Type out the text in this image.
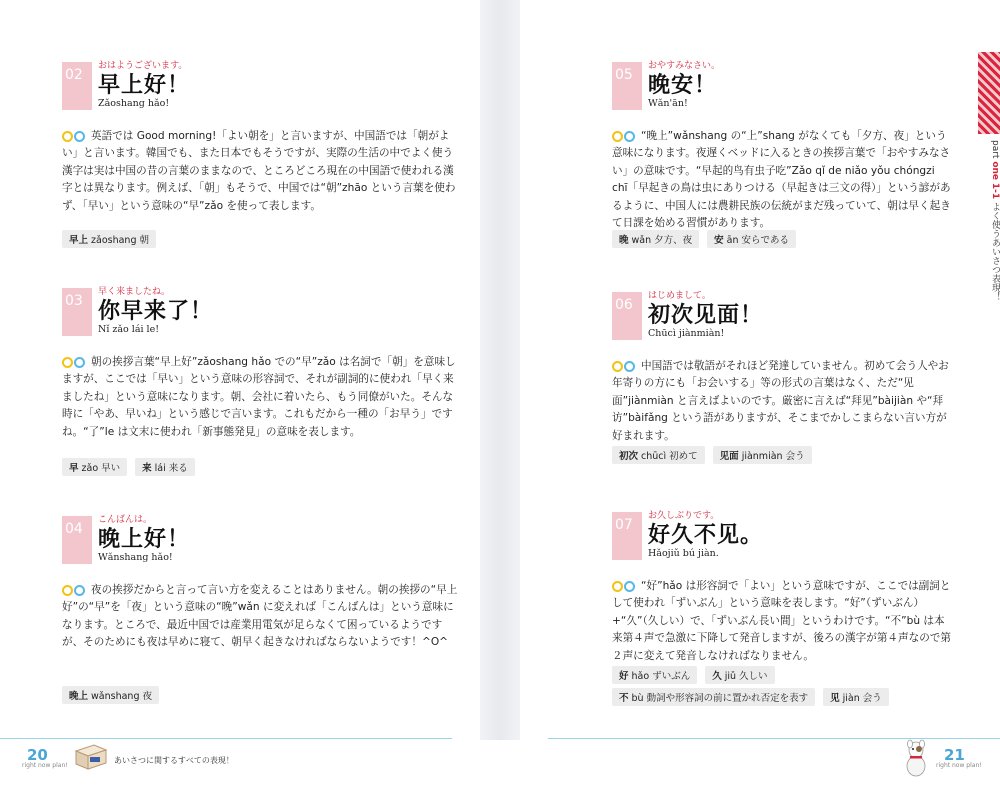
02
おはようございます。
早上好！
Zǎoshang hǎo!
英語では Good morning!「よい朝を」と言いますが、中国語では「朝がよい」と言います。韓国でも、また日本でもそうですが、実際の生活の中でよく使う漢字は実は中国の昔の言葉のままなので、ところどころ現在の中国語で使われる漢字とは異なります。例えば、「朝」もそうで、中国では“朝”zhāo という言葉を使わず、「早い」という意味の“早”zǎo を使って表します。
早上 zǎoshang 朝
03
早く来ましたね。
你早来了！
Nǐ zǎo lái le!
朝の挨拶言葉“早上好”zǎoshang hǎo での“早”zǎo は名詞で「朝」を意味しますが、ここでは「早い」という意味の形容詞で、それが副詞的に使われ「早く来ましたね」という意味になります。朝、会社に着いたら、もう同僚がいた。そんな時に「やあ、早いね」という感じで言います。これもだから一種の「お早う」ですね。“了”le は文末に使われ「新事態発見」の意味を表します。
早 zǎo 早い	来 lái 来る
04
こんばんは。
晚上好！
Wǎnshang hǎo!
夜の挨拶だからと言って言い方を変えることはありません。朝の挨拶の“早上好”の“早”を「夜」という意味の“晚”wǎn に変えれば「こんばんは」という意味になります。ところで、最近中国では産業用電気が足らなくて困っているようですが、そのためにも夜は早めに寝て、朝早く起きなければならないようです！^O^
晚上 wǎnshang 夜
05
おやすみなさい。
晚安！
Wǎn'ān!
“晚上”wǎnshang の“上”shang がなくても「夕方、夜」という意味になります。夜遅くベッドに入るときの挨拶言葉で「おやすみなさい」の意味です。“早起的鸟有虫子吃”Zǎo qǐ de niǎo yǒu chóngzi chī「早起きの鳥は虫にありつける（早起きは三文の得）」という諺があるように、中国人には農耕民族の伝統がまだ残っていて、朝は早く起きて日課を始める習慣があります。
晚 wǎn 夕方、夜	安 ān 安らである
06
はじめまして。
初次见面！
Chūcì jiànmiàn!
中国語では敬語がそれほど発達していません。初めて会う人やお年寄りの方にも「お会いする」等の形式の言葉はなく、ただ“见面”jiànmiàn と言えばよいのです。厳密に言えば“拜见”bàijiàn や“拜访”bàifǎng という語がありますが、そこまでかしこまらない言い方が好まれます。
初次 chūcì 初めて	见面 jiànmiàn 会う
07
お久しぶりです。
好久不见。
Hǎojiǔ bú jiàn.
“好”hǎo は形容詞で「よい」という意味ですが、ここでは副詞として使われ「ずいぶん」という意味を表します。“好”（ずいぶん）+“久”（久しい）で、「ずいぶん長い間」というわけです。“不”bù は本来第４声で急激に下降して発音しますが、後ろの漢字が第４声なので第２声に変えて発音しなければなりません。
好 hǎo ずいぶん	久 jiǔ 久しい
不 bù 動詞や形容詞の前に置かれ否定を表す	见 jiàn 会う
part one 1-1 よく使うあいさつ表現！
20
right now plan!
あいさつに関するすべての表現！	21
right now plan!
